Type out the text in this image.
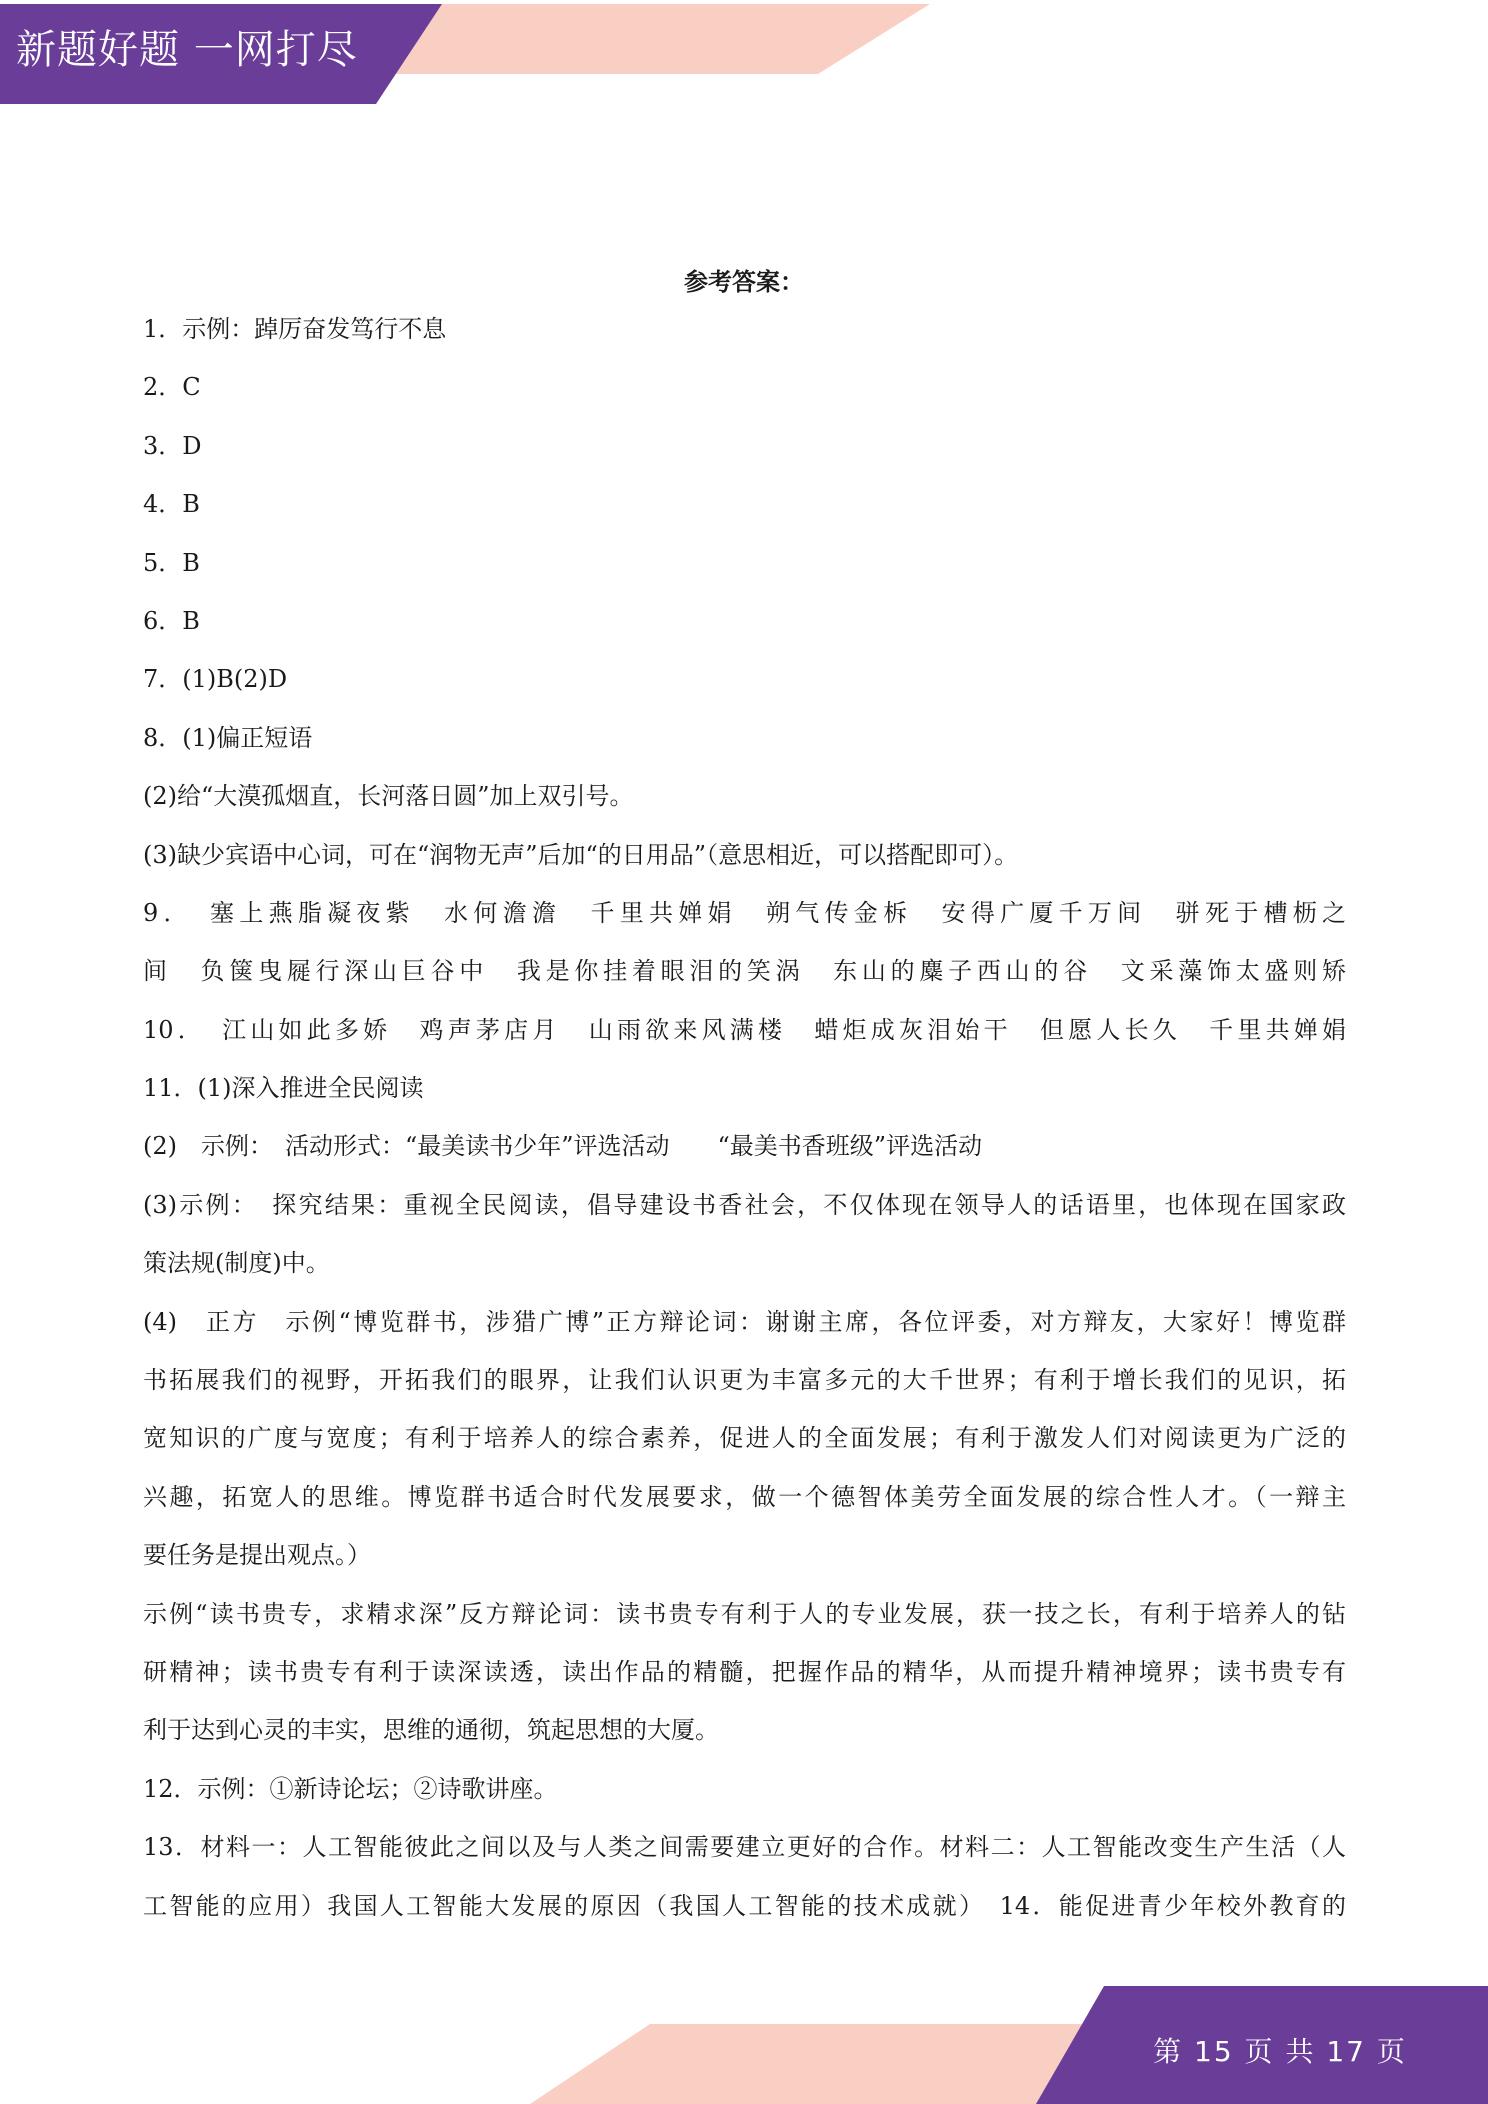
新题好题 一网打尽
参考答案：
1．示例：踔厉奋发笃行不息
2．C
3．D
4．B
5．B
6．B
7．(1)B(2)D
8．(1)偏正短语
(2)给“大漠孤烟直，长河落日圆”加上双引号。
(3)缺少宾语中心词，可在“润物无声”后加“的日用品”（意思相近，可以搭配即可）。
9．　塞上燕脂凝夜紫　水何澹澹　千里共婵娟　朔气传金柝　安得广厦千万间　骈死于槽枥之
间　负箧曳屣行深山巨谷中　我是你挂着眼泪的笑涡　东山的麋子西山的谷　文采藻饰太盛则矫
10．　江山如此多娇　鸡声茅店月　山雨欲来风满楼　蜡炬成灰泪始干　但愿人长久　千里共婵娟
11．(1)深入推进全民阅读
(2)　示例：　活动形式：“最美读书少年”评选活动　　“最美书香班级”评选活动
(3)示例：　探究结果：重视全民阅读，倡导建设书香社会，不仅体现在领导人的话语里，也体现在国家政
策法规(制度)中。
(4)　正方　示例“博览群书，涉猎广博”正方辩论词：谢谢主席，各位评委，对方辩友，大家好！博览群
书拓展我们的视野，开拓我们的眼界，让我们认识更为丰富多元的大千世界；有利于增长我们的见识，拓
宽知识的广度与宽度；有利于培养人的综合素养，促进人的全面发展；有利于激发人们对阅读更为广泛的
兴趣，拓宽人的思维。博览群书适合时代发展要求，做一个德智体美劳全面发展的综合性人才。（一辩主
要任务是提出观点。）
示例“读书贵专，求精求深”反方辩论词：读书贵专有利于人的专业发展，获一技之长，有利于培养人的钻
研精神；读书贵专有利于读深读透，读出作品的精髓，把握作品的精华，从而提升精神境界；读书贵专有
利于达到心灵的丰实，思维的通彻，筑起思想的大厦。
12．示例：①新诗论坛；②诗歌讲座。
13．材料一：人工智能彼此之间以及与人类之间需要建立更好的合作。材料二：人工智能改变生产生活（人
工智能的应用）我国人工智能大发展的原因（我国人工智能的技术成就）　14．能促进青少年校外教育的
第 15 页 共 17 页
